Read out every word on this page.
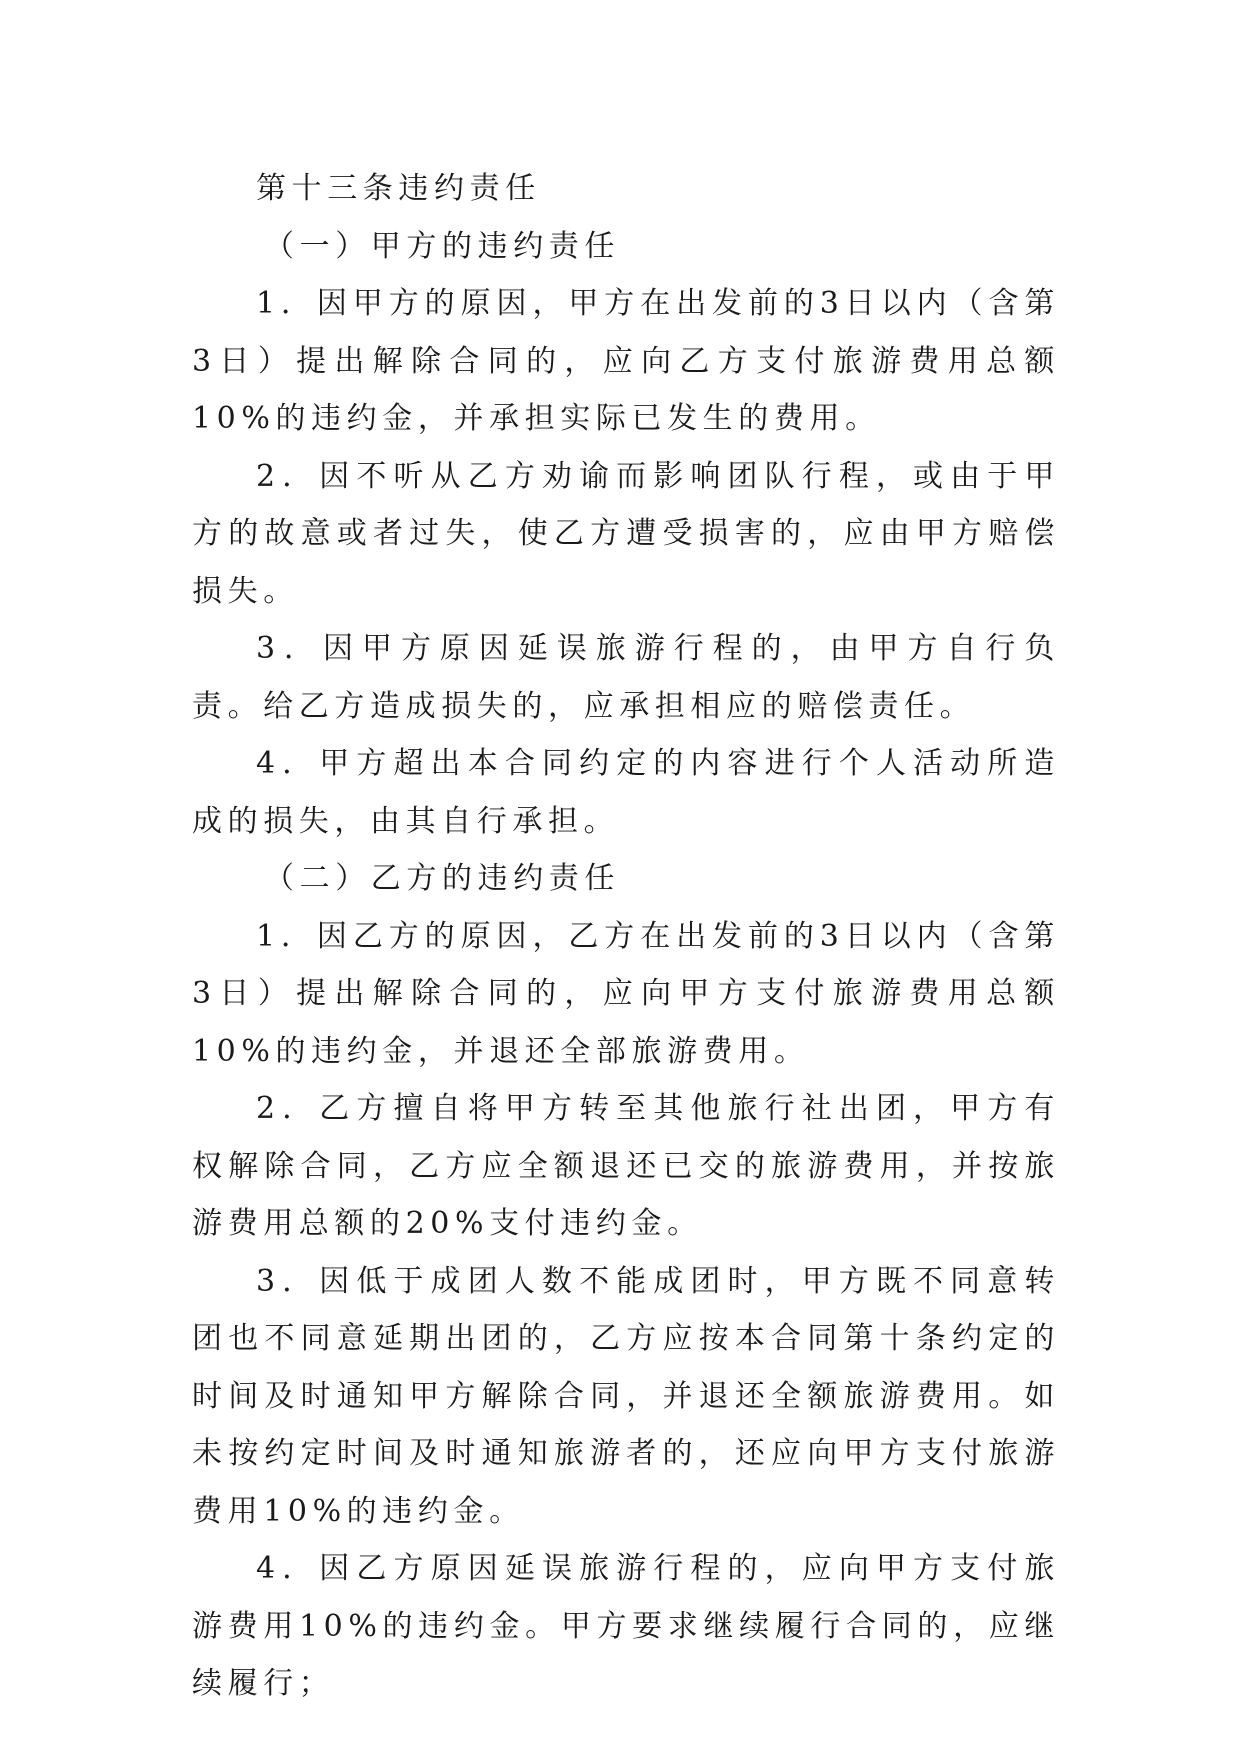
第十三条违约责任

（一）甲方的违约责任

1．因甲方的原因，甲方在出发前的3日以内（含第3日）提出解除合同的，应向乙方支付旅游费用总额10%的违约金，并承担实际已发生的费用。

2．因不听从乙方劝谕而影响团队行程，或由于甲方的故意或者过失，使乙方遭受损害的，应由甲方赔偿损失。

3．因甲方原因延误旅游行程的，由甲方自行负责。给乙方造成损失的，应承担相应的赔偿责任。

4．甲方超出本合同约定的内容进行个人活动所造成的损失，由其自行承担。

（二）乙方的违约责任

1．因乙方的原因，乙方在出发前的3日以内（含第3日）提出解除合同的，应向甲方支付旅游费用总额10%的违约金，并退还全部旅游费用。

2．乙方擅自将甲方转至其他旅行社出团，甲方有权解除合同，乙方应全额退还已交的旅游费用，并按旅游费用总额的20%支付违约金。

3．因低于成团人数不能成团时，甲方既不同意转团也不同意延期出团的，乙方应按本合同第十条约定的时间及时通知甲方解除合同，并退还全额旅游费用。如未按约定时间及时通知旅游者的，还应向甲方支付旅游费用10%的违约金。

4．因乙方原因延误旅游行程的，应向甲方支付旅游费用10%的违约金。甲方要求继续履行合同的，应继续履行；
